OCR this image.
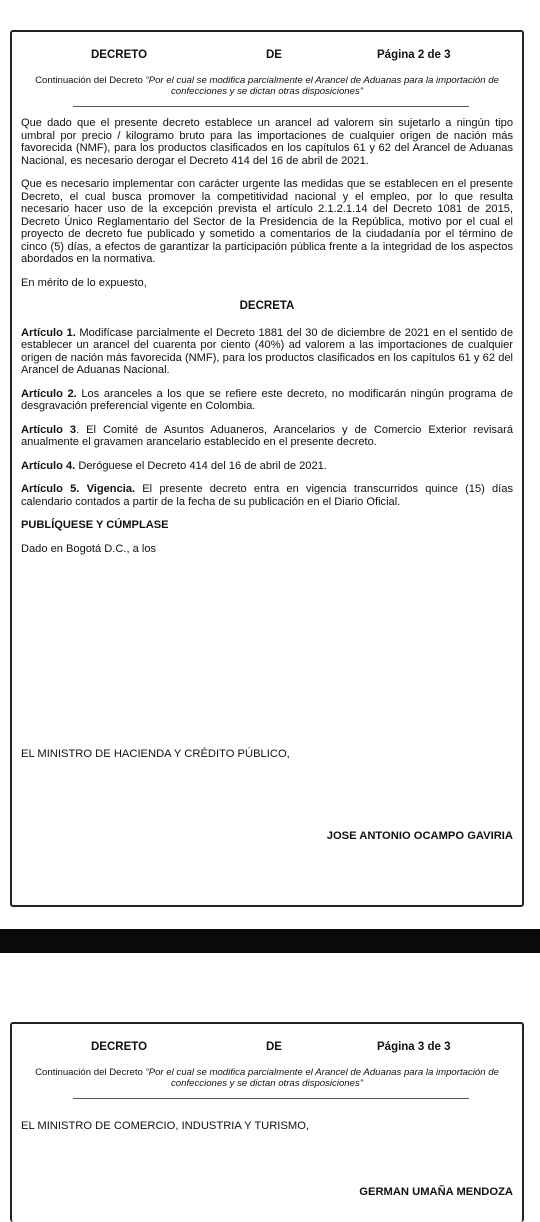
DECRETO	DE	Página 2 de 3
Continuación del Decreto “Por el cual se modifica parcialmente el Arancel de Aduanas para la importación de confecciones y se dictan otras disposiciones”

Que dado que el presente decreto establece un arancel ad valorem sin sujetarlo a ningún tipo umbral por precio / kilogramo bruto para las importaciones de cualquier origen de nación más favorecida (NMF), para los productos clasificados en los capítulos 61 y 62 del Arancel de Aduanas Nacional, es necesario derogar el Decreto 414 del 16 de abril de 2021.

Que es necesario implementar con carácter urgente las medidas que se establecen en el presente Decreto, el cual busca promover la competitividad nacional y el empleo, por lo que resulta necesario hacer uso de la excepción prevista el artículo 2.1.2.1.14 del Decreto 1081 de 2015, Decreto Único Reglamentario del Sector de la Presidencia de la República, motivo por el cual el proyecto de decreto fue publicado y sometido a comentarios de la ciudadanía por el término de cinco (5) días, a efectos de garantizar la participación pública frente a la integridad de los aspectos abordados en la normativa.

En mérito de lo expuesto,

DECRETA

Artículo 1. Modifícase parcialmente el Decreto 1881 del 30 de diciembre de 2021 en el sentido de establecer un arancel del cuarenta por ciento (40%) ad valorem a las importaciones de cualquier origen de nación más favorecida (NMF), para los productos clasificados en los capítulos 61 y 62 del Arancel de Aduanas Nacional.

Artículo 2. Los aranceles a los que se refiere este decreto, no modificarán ningún programa de desgravación preferencial vigente en Colombia.

Artículo 3. El Comité de Asuntos Aduaneros, Arancelarios y de Comercio Exterior revisará anualmente el gravamen arancelario establecido en el presente decreto.

Artículo 4. Deróguese el Decreto 414 del 16 de abril de 2021.

Artículo 5. Vigencia. El presente decreto entra en vigencia transcurridos quince (15) días calendario contados a partir de la fecha de su publicación en el Diario Oficial.

PUBLÍQUESE Y CÚMPLASE

Dado en Bogotá D.C., a los

EL MINISTRO DE HACIENDA Y CRÉDITO PÚBLICO,
JOSE ANTONIO OCAMPO GAVIRIA
DECRETO	DE	Página 3 de 3
Continuación del Decreto “Por el cual se modifica parcialmente el Arancel de Aduanas para la importación de confecciones y se dictan otras disposiciones”
EL MINISTRO DE COMERCIO, INDUSTRIA Y TURISMO,
GERMAN UMAÑA MENDOZA
